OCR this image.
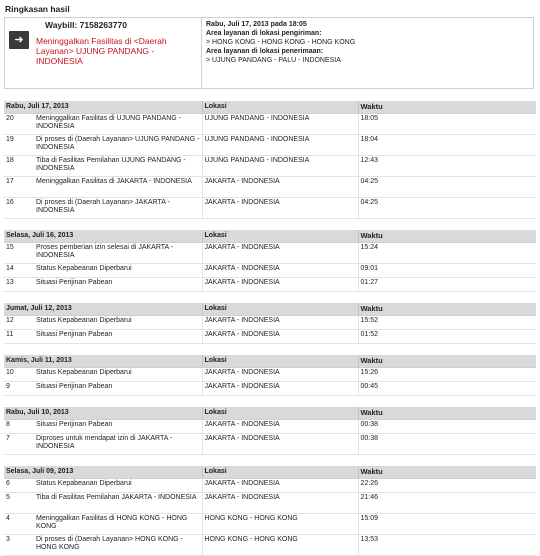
Ringkasan hasil
➜
Waybill: 7158263770
Meninggalkan Fasilitas di <Daerah Layanan> UJUNG PANDANG - INDONESIA
Rabu, Juli 17, 2013 pada 18:05
Area layanan di lokasi pengiriman:
> HONG KONG - HONG KONG - HONG KONG
Area layanan di lokasi penerimaan:
> UJUNG PANDANG - PALU - INDONESIA

Rabu, Juli 17, 2013		Lokasi	Waktu
20	Meninggalkan Fasilitas di UJUNG PANDANG - INDONESIA	UJUNG PANDANG - INDONESIA	18:05
19	Di proses di (Daerah Layanan> UJUNG PANDANG - INDONESIA	UJUNG PANDANG - INDONESIA	18:04
18	Tiba di Fasilitas Pemilahan UJUNG PANDANG - INDONESIA	UJUNG PANDANG - INDONESIA	12:43
17	Meninggalkan Fasilitas di JAKARTA - INDONESIA	JAKARTA - INDONESIA	04:25
16	Di proses di (Daerah Layanan> JAKARTA - INDONESIA	JAKARTA - INDONESIA	04:25

Selasa, Juli 16, 2013		Lokasi	Waktu
15	Proses pemberian izin selesai di JAKARTA - INDONESIA	JAKARTA - INDONESIA	15:24
14	Status Kepabeanan Diperbarui	JAKARTA - INDONESIA	09:01
13	Situasi Perijinan Pabean	JAKARTA - INDONESIA	01:27

Jumat, Juli 12, 2013		Lokasi	Waktu
12	Status Kepabeanan Diperbarui	JAKARTA - INDONESIA	15:52
11	Situasi Perijinan Pabean	JAKARTA - INDONESIA	01:52

Kamis, Juli 11, 2013		Lokasi	Waktu
10	Status Kepabeanan Diperbarui	JAKARTA - INDONESIA	15:26
9	Situasi Perijinan Pabean	JAKARTA - INDONESIA	00:45

Rabu, Juli 10, 2013		Lokasi	Waktu
8	Situasi Perijinan Pabean	JAKARTA - INDONESIA	00:38
7	Diproses untuk mendapat izin di JAKARTA - INDONESIA	JAKARTA - INDONESIA	00:38

Selasa, Juli 09, 2013		Lokasi	Waktu
6	Status Kepabeanan Diperbarui	JAKARTA - INDONESIA	22:26
5	Tiba di Fasilitas Pemilahan JAKARTA - INDONESIA	JAKARTA - INDONESIA	21:46
4	Meninggalkan Fasilitas di HONG KONG - HONG KONG	HONG KONG - HONG KONG	15:09
3	Di proses di (Daerah Layanan> HONG KONG - HONG KONG	HONG KONG - HONG KONG	13:53
